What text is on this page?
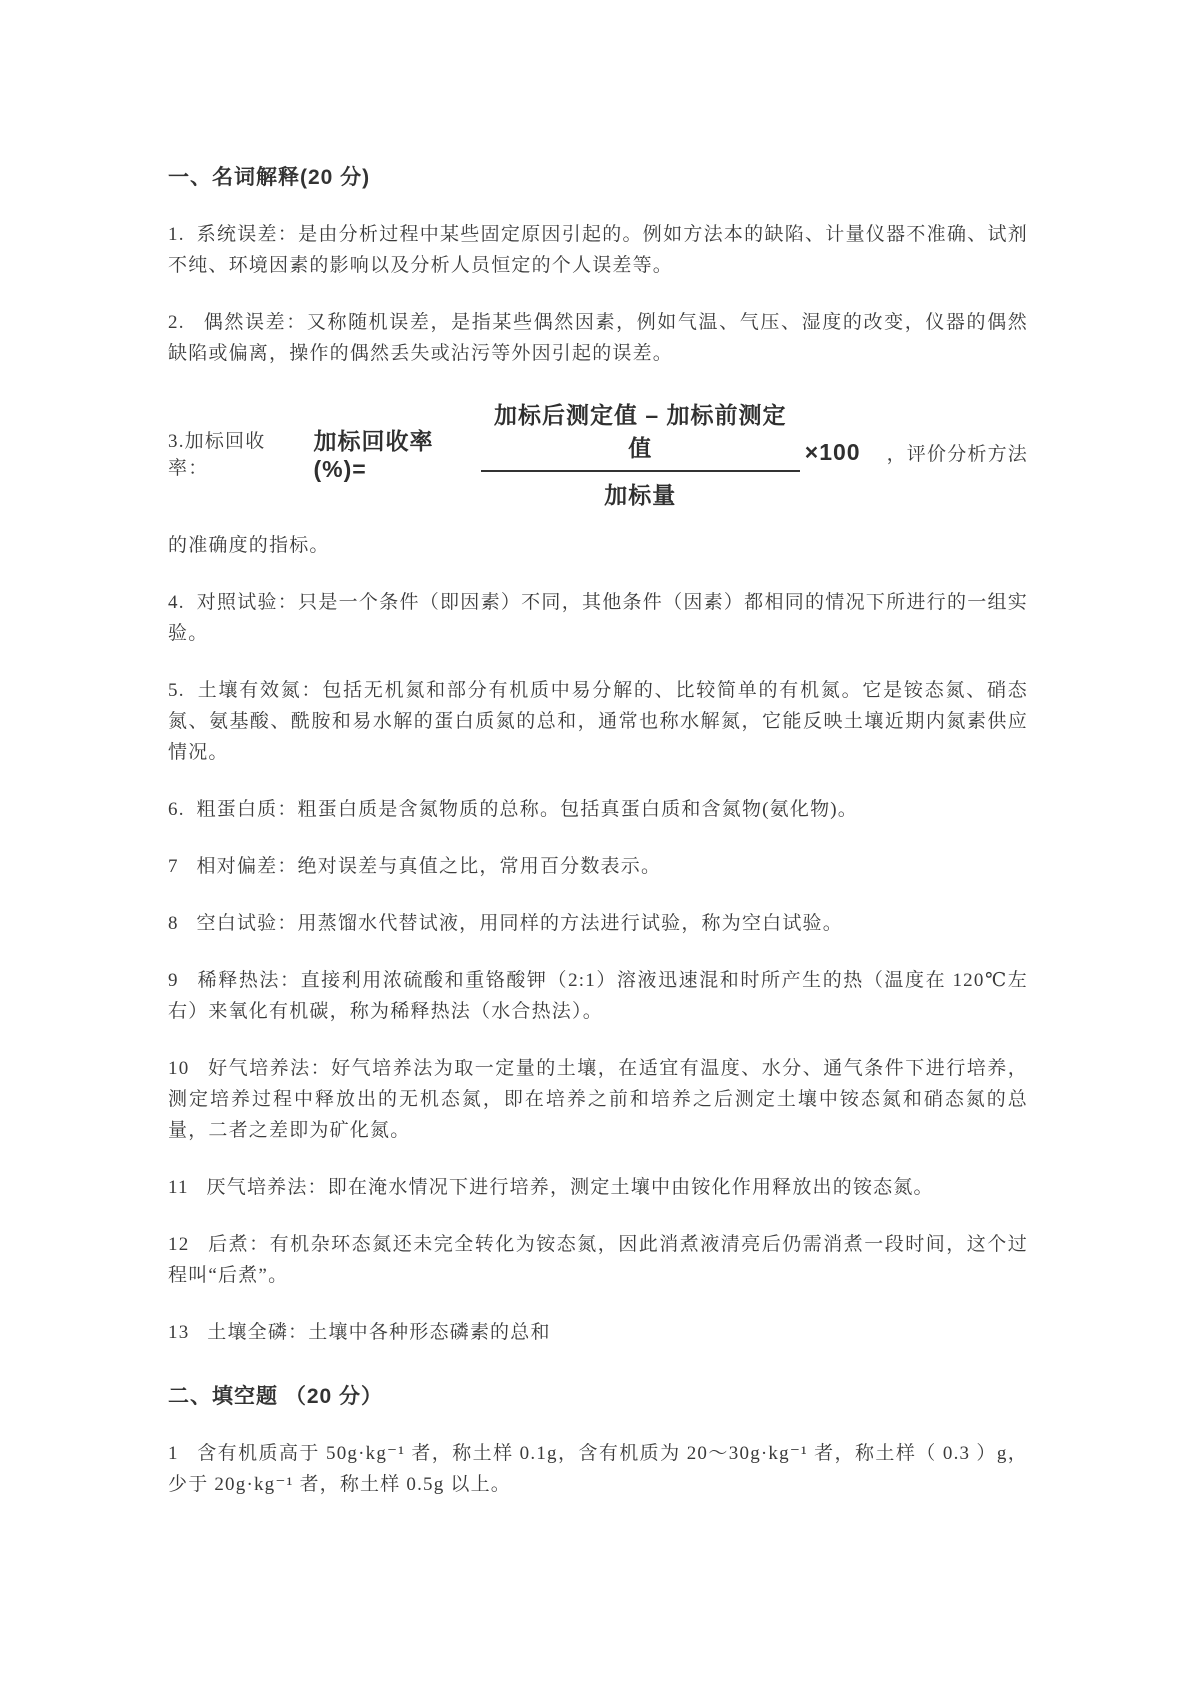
一、名词解释(20 分)

1.  系统误差：是由分析过程中某些固定原因引起的。例如方法本的缺陷、计量仪器不准确、试剂不纯、环境因素的影响以及分析人员恒定的个人误差等。

2.   偶然误差：又称随机误差，是指某些偶然因素，例如气温、气压、湿度的改变，仪器的偶然缺陷或偏离，操作的偶然丢失或沾污等外因引起的误差。

3.加标回收率：
加标回收率(%)=	$\frac{\text{加标后测定值 – 加标前测定值}}{\text{加标量}} \times 100$ ，评价分析方法

的准确度的指标。

4.  对照试验：只是一个条件（即因素）不同，其他条件（因素）都相同的情况下所进行的一组实验。

5.  土壤有效氮：包括无机氮和部分有机质中易分解的、比较简单的有机氮。它是铵态氮、硝态氮、氨基酸、酰胺和易水解的蛋白质氮的总和，通常也称水解氮，它能反映土壤近期内氮素供应情况。

6.  粗蛋白质：粗蛋白质是含氮物质的总称。包括真蛋白质和含氮物(氨化物)。

7   相对偏差：绝对误差与真值之比，常用百分数表示。

8   空白试验：用蒸馏水代替试液，用同样的方法进行试验，称为空白试验。

9   稀释热法：直接利用浓硫酸和重铬酸钾（2:1）溶液迅速混和时所产生的热（温度在 120℃左右）来氧化有机碳，称为稀释热法（水合热法）。

10   好气培养法：好气培养法为取一定量的土壤，在适宜有温度、水分、通气条件下进行培养，测定培养过程中释放出的无机态氮，即在培养之前和培养之后测定土壤中铵态氮和硝态氮的总量，二者之差即为矿化氮。

11   厌气培养法：即在淹水情况下进行培养，测定土壤中由铵化作用释放出的铵态氮。

12   后煮：有机杂环态氮还未完全转化为铵态氮，因此消煮液清亮后仍需消煮一段时间，这个过程叫“后煮”。

13   土壤全磷：土壤中各种形态磷素的总和

二、填空题 （20 分）

1   含有机质高于 50g·kg⁻¹ 者，称土样 0.1g，含有机质为 20～30g·kg⁻¹ 者，称土样（ 0.3 ）g，少于 20g·kg⁻¹ 者，称土样 0.5g 以上。
